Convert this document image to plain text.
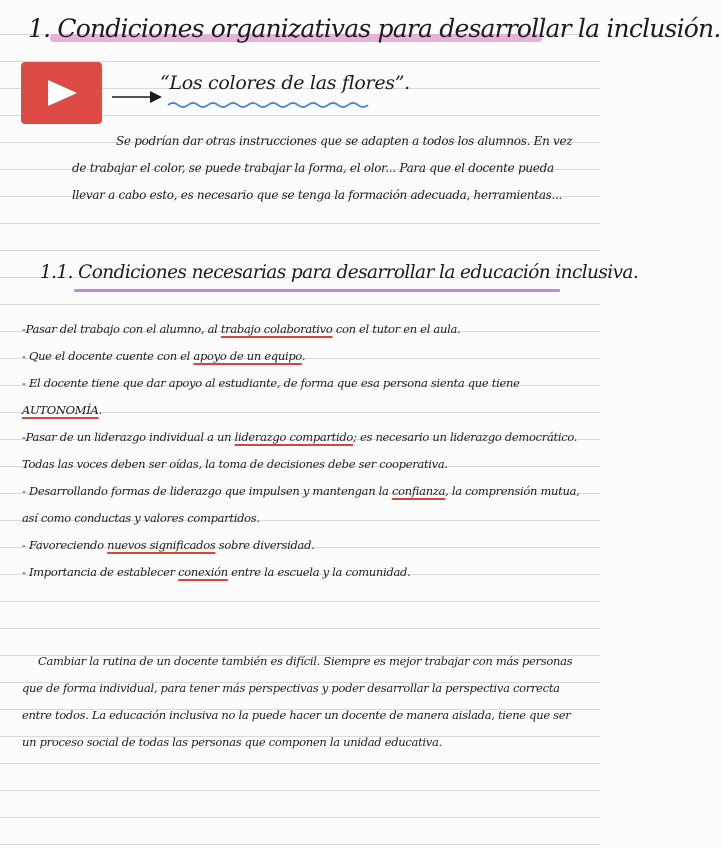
1. Condiciones organizativas para desarrollar la inclusión.
“Los colores de las flores”.
Se podrían dar otras instrucciones que se adapten a todos los alumnos. En vez de trabajar el color, se puede trabajar la forma, el olor... Para que el docente pueda llevar a cabo esto, es necesario que se tenga la formación adecuada, herramientas...
1.1. Condiciones necesarias para desarrollar la educación inclusiva.
-Pasar del trabajo con el alumno, al trabajo colaborativo con el tutor en el aula.
- Que el docente cuente con el apoyo de un equipo.
- El docente tiene que dar apoyo al estudiante, de forma que esa persona sienta que tiene AUTONOMÍA.
-Pasar de un liderazgo individual a un liderazgo compartido; es necesario un liderazgo democrático. Todas las voces deben ser oídas, la toma de decisiones debe ser cooperativa.
- Desarrollando formas de liderazgo que impulsen y mantengan la confianza, la comprensión mutua, así como conductas y valores compartidos.
- Favoreciendo nuevos significados sobre diversidad.
- Importancia de establecer conexión entre la escuela y la comunidad.
Cambiar la rutina de un docente también es difícil. Siempre es mejor trabajar con más personas que de forma individual, para tener más perspectivas y poder desarrollar la perspectiva correcta entre todos. La educación inclusiva no la puede hacer un docente de manera aislada, tiene que ser un proceso social de todas las personas que componen la unidad educativa.
